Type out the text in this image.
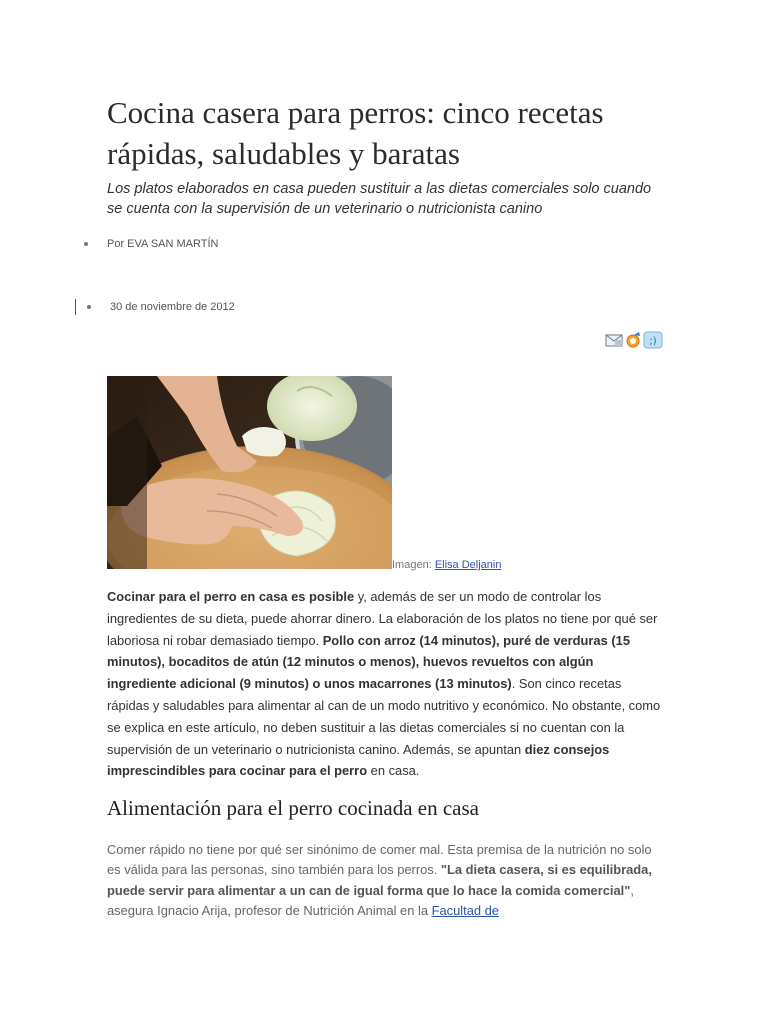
Cocina casera para perros: cinco recetas rápidas, saludables y baratas

Los platos elaborados en casa pueden sustituir a las dietas comerciales solo cuando se cuenta con la supervisión de un veterinario o nutricionista canino

Por EVA SAN MARTÍN
30 de noviembre de 2012
;)
Imagen: Elisa Deljanin

Cocinar para el perro en casa es posible y, además de ser un modo de controlar los ingredientes de su dieta, puede ahorrar dinero. La elaboración de los platos no tiene por qué ser laboriosa ni robar demasiado tiempo. Pollo con arroz (14 minutos), puré de verduras (15 minutos), bocaditos de atún (12 minutos o menos), huevos revueltos con algún ingrediente adicional (9 minutos) o unos macarrones (13 minutos). Son cinco recetas rápidas y saludables para alimentar al can de un modo nutritivo y económico. No obstante, como se explica en este artículo, no deben sustituir a las dietas comerciales si no cuentan con la supervisión de un veterinario o nutricionista canino. Además, se apuntan diez consejos imprescindibles para cocinar para el perro en casa.

Alimentación para el perro cocinada en casa

Comer rápido no tiene por qué ser sinónimo de comer mal. Esta premisa de la nutrición no solo es válida para las personas, sino también para los perros. "La dieta casera, si es equilibrada, puede servir para alimentar a un can de igual forma que lo hace la comida comercial", asegura Ignacio Arija, profesor de Nutrición Animal en la Facultad de
